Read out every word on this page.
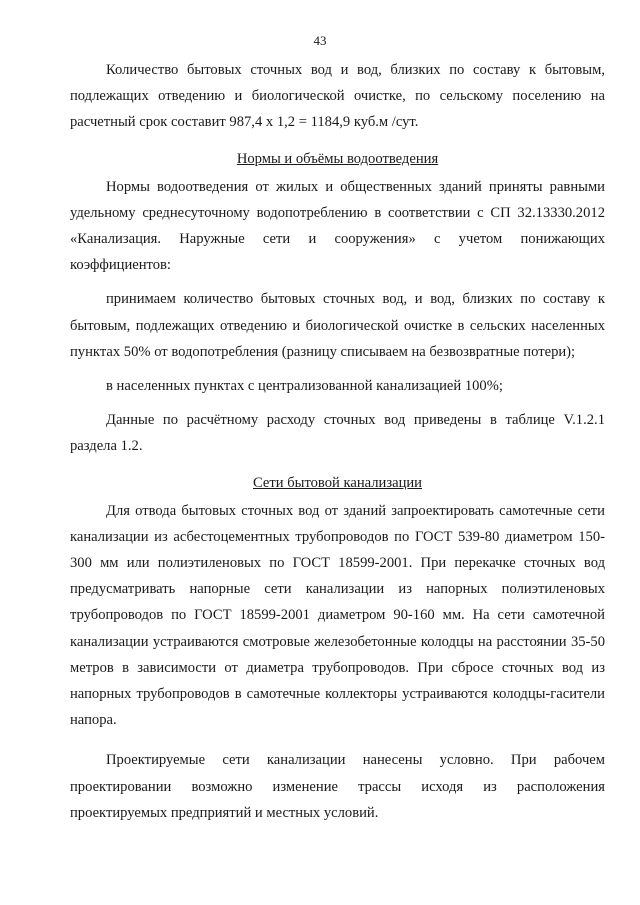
43

Количество бытовых сточных вод и вод, близких по составу к бытовым, подлежащих отведению и биологической очистке, по сельскому поселению на расчетный срок составит 987,4 х 1,2 = 1184,9 куб.м /сут.

Нормы и объёмы водоотведения

Нормы водоотведения от жилых и общественных зданий приняты равными удельному среднесуточному водопотреблению в соответствии с СП 32.13330.2012 «Канализация. Наружные сети и сооружения» с учетом понижающих коэффициентов:

принимаем количество бытовых сточных вод, и вод, близких по составу к бытовым, подлежащих отведению и биологической очистке в сельских населенных пунктах 50% от водопотребления (разницу списываем на безвозвратные потери);

в населенных пунктах с централизованной канализацией 100%;

Данные по расчётному расходу сточных вод приведены в таблице V.1.2.1 раздела 1.2.

Сети бытовой канализации

Для отвода бытовых сточных вод от зданий запроектировать самотечные сети канализации из асбестоцементных трубопроводов по ГОСТ 539-80 диаметром 150-300 мм или полиэтиленовых по ГОСТ 18599-2001. При перекачке сточных вод предусматривать напорные сети канализации из напорных полиэтиленовых трубопроводов по ГОСТ 18599-2001 диаметром 90-160 мм. На сети самотечной канализации устраиваются смотровые железобетонные колодцы на расстоянии 35-50 метров в зависимости от диаметра трубопроводов. При сбросе сточных вод из напорных трубопроводов в самотечные коллекторы устраиваются колодцы-гасители напора.

Проектируемые сети канализации нанесены условно. При рабочем проектировании возможно изменение трассы исходя из расположения проектируемых предприятий и местных условий.
